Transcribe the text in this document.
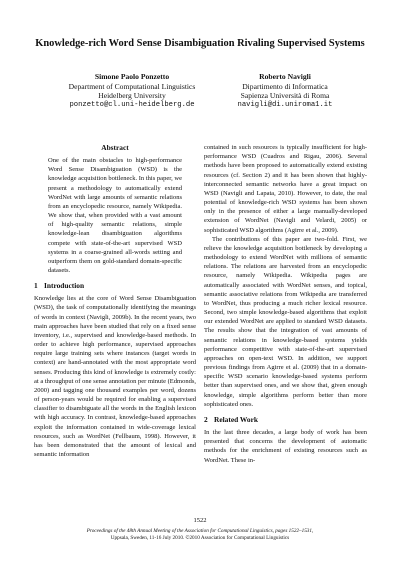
Knowledge-rich Word Sense Disambiguation Rivaling Supervised Systems
Simone Paolo Ponzetto
Department of Computational Linguistics
Heidelberg University
ponzetto@cl.uni-heidelberg.de
Roberto Navigli
Dipartimento di Informatica
Sapienza Università di Roma
navigli@di.uniroma1.it
Abstract
One of the main obstacles to high-performance Word Sense Disambiguation (WSD) is the knowledge acquisition bottleneck. In this paper, we present a methodology to automatically extend WordNet with large amounts of semantic relations from an encyclopedic resource, namely Wikipedia. We show that, when provided with a vast amount of high-quality semantic relations, simple knowledge-lean disambiguation algorithms compete with state-of-the-art supervised WSD systems in a coarse-grained all-words setting and outperform them on gold-standard domain-specific datasets.
1 Introduction
Knowledge lies at the core of Word Sense Disambiguation (WSD), the task of computationally identifying the meanings of words in context (Navigli, 2009b). In the recent years, two main approaches have been studied that rely on a fixed sense inventory, i.e., supervised and knowledge-based methods. In order to achieve high performance, supervised approaches require large training sets where instances (target words in context) are hand-annotated with the most appropriate word senses. Producing this kind of knowledge is extremely costly: at a throughput of one sense annotation per minute (Edmonds, 2000) and tagging one thousand examples per word, dozens of person-years would be required for enabling a supervised classifier to disambiguate all the words in the English lexicon with high accuracy. In contrast, knowledge-based approaches exploit the information contained in wide-coverage lexical resources, such as WordNet (Fellbaum, 1998). However, it has been demonstrated that the amount of lexical and semantic information
contained in such resources is typically insufficient for high-performance WSD (Cuadros and Rigau, 2006). Several methods have been proposed to automatically extend existing resources (cf. Section 2) and it has been shown that highly-interconnected semantic networks have a great impact on WSD (Navigli and Lapata, 2010). However, to date, the real potential of knowledge-rich WSD systems has been shown only in the presence of either a large manually-developed extension of WordNet (Navigli and Velardi, 2005) or sophisticated WSD algorithms (Agirre et al., 2009).
The contributions of this paper are two-fold. First, we relieve the knowledge acquisition bottleneck by developing a methodology to extend WordNet with millions of semantic relations. The relations are harvested from an encyclopedic resource, namely Wikipedia. Wikipedia pages are automatically associated with WordNet senses, and topical, semantic associative relations from Wikipedia are transferred to WordNet, thus producing a much richer lexical resource. Second, two simple knowledge-based algorithms that exploit our extended WordNet are applied to standard WSD datasets. The results show that the integration of vast amounts of semantic relations in knowledge-based systems yields performance competitive with state-of-the-art supervised approaches on open-text WSD. In addition, we support previous findings from Agirre et al. (2009) that in a domain-specific WSD scenario knowledge-based systems perform better than supervised ones, and we show that, given enough knowledge, simple algorithms perform better than more sophisticated ones.
2 Related Work
In the last three decades, a large body of work has been presented that concerns the development of automatic methods for the enrichment of existing resources such as WordNet. These in-
1522
Proceedings of the 48th Annual Meeting of the Association for Computational Linguistics, pages 1522–1531,
Uppsala, Sweden, 11-16 July 2010. ©2010 Association for Computational Linguistics
